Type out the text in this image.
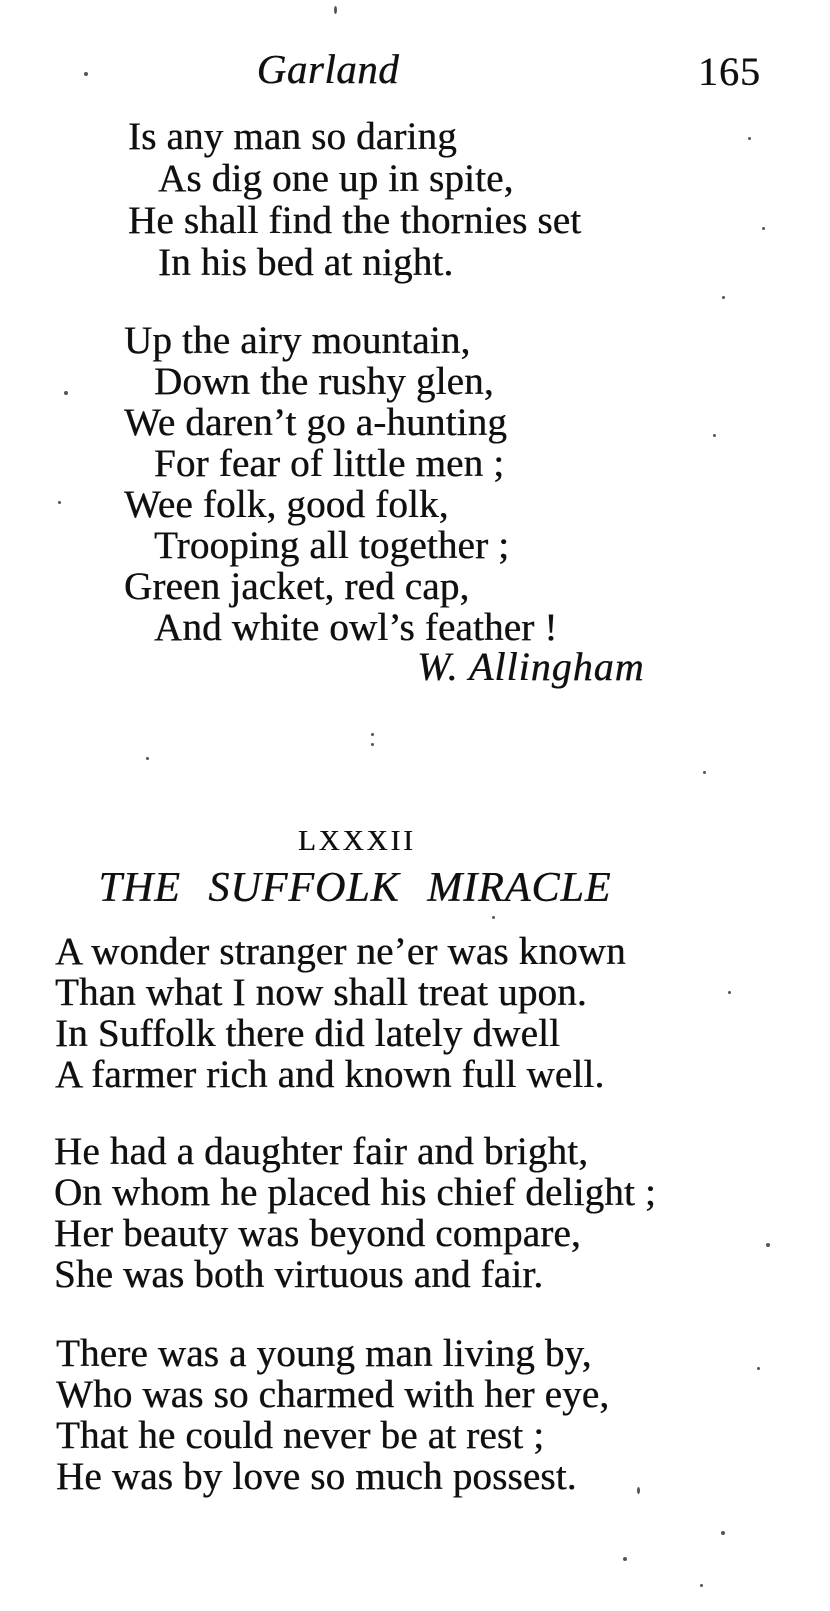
Garland	165
Is any man so daring
As dig one up in spite,
He shall find the thornies set
In his bed at night.
Up the airy mountain,
Down the rushy glen,
We daren’t go a-hunting
For fear of little men ;
Wee folk, good folk,
Trooping all together ;
Green jacket, red cap,
And white owl’s feather !
W. Allingham
LXXXII
THE SUFFOLK MIRACLE
A wonder stranger ne’er was known
Than what I now shall treat upon.
In Suffolk there did lately dwell
A farmer rich and known full well.
He had a daughter fair and bright,
On whom he placed his chief delight ;
Her beauty was beyond compare,
She was both virtuous and fair.
There was a young man living by,
Who was so charmed with her eye,
That he could never be at rest ;
He was by love so much possest.
